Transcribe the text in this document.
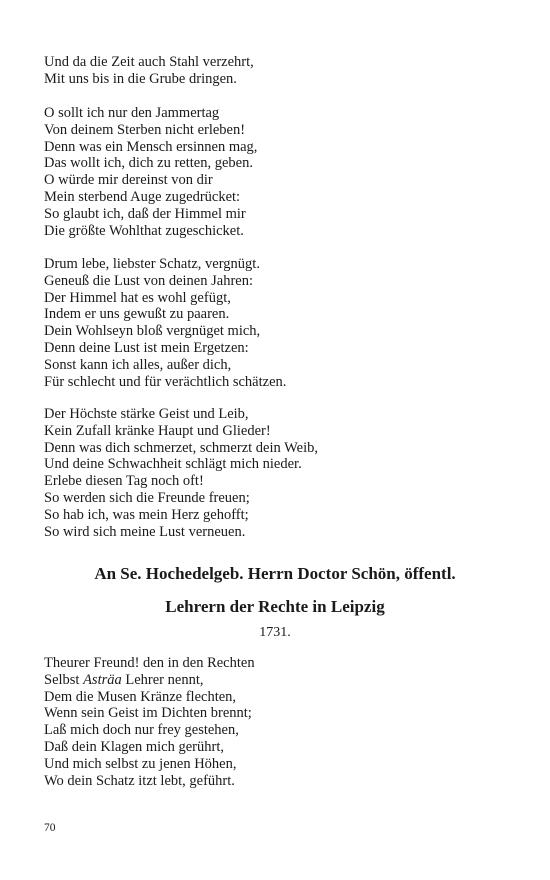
Und da die Zeit auch Stahl verzehrt,
Mit uns bis in die Grube dringen.
O sollt ich nur den Jammertag
Von deinem Sterben nicht erleben!
Denn was ein Mensch ersinnen mag,
Das wollt ich, dich zu retten, geben.
O würde mir dereinst von dir
Mein sterbend Auge zugedrücket:
So glaubt ich, daß der Himmel mir
Die größte Wohlthat zugeschicket.
Drum lebe, liebster Schatz, vergnügt.
Geneuß die Lust von deinen Jahren:
Der Himmel hat es wohl gefügt,
Indem er uns gewußt zu paaren.
Dein Wohlseyn bloß vergnüget mich,
Denn deine Lust ist mein Ergetzen:
Sonst kann ich alles, außer dich,
Für schlecht und für verächtlich schätzen.
Der Höchste stärke Geist und Leib,
Kein Zufall kränke Haupt und Glieder!
Denn was dich schmerzet, schmerzt dein Weib,
Und deine Schwachheit schlägt mich nieder.
Erlebe diesen Tag noch oft!
So werden sich die Freunde freuen;
So hab ich, was mein Herz gehofft;
So wird sich meine Lust verneuen.
An Se. Hochedelgeb. Herrn Doctor Schön, öffentl.
Lehrern der Rechte in Leipzig
1731.
Theurer Freund! den in den Rechten
Selbst Asträa Lehrer nennt,
Dem die Musen Kränze flechten,
Wenn sein Geist im Dichten brennt;
Laß mich doch nur frey gestehen,
Daß dein Klagen mich gerührt,
Und mich selbst zu jenen Höhen,
Wo dein Schatz itzt lebt, geführt.
70
